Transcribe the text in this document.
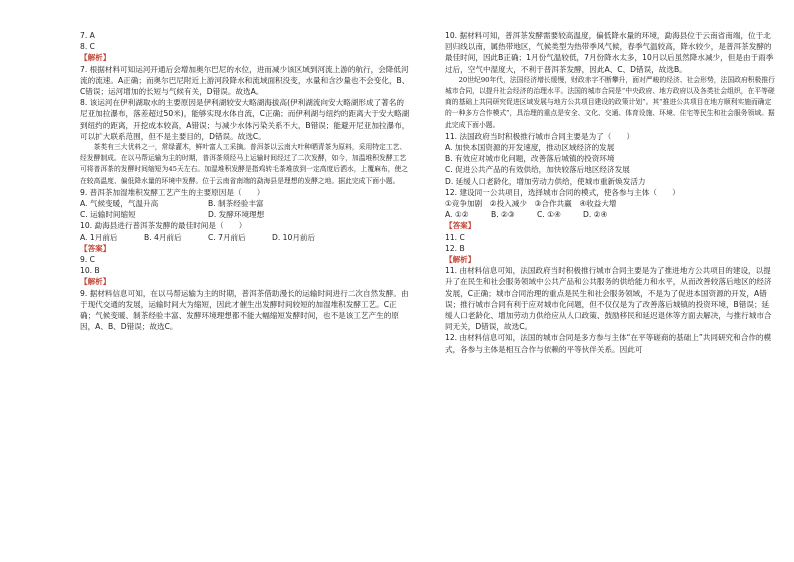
7. A

8. C

【解析】

7. 根据材料可知运河开通后会增加奥尔巴尼的水位，进而减少该区域到河流上游的航行，会降低河流的流速。A正确；而奥尔巴尼附近上游河段降水和流域面积没变，水量和含沙量也不会变化，B、C错误；运河增加的长短与气候有关，D错误。故选A。

8. 该运河在伊利湖取水的主要原因是伊利湖较安大略湖海拔高(伊利湖流向安大略湖形成了著名的尼亚加拉瀑布，落差超过50米)，能够实现水体自流，C正确；而伊利湖与纽约的距离大于安大略湖到纽约的距离，开挖成本较高，A错误；与减少水体污染关系不大，B错误；能避开尼亚加拉瀑布，可以扩大联系范围，但不是主要目的，D错误。故选C。

茶类有三大优料之一，常绿灌木，鲜叶富人工采摘。普洱茶以云南大叶种晒青茶为原料，采用特定工艺、经发酵制成。在以马帮运输为主的时期，普洱茶须经马上运输时间经过了二次发酵，如今，加温堆积发酵工艺可将普洱茶的发酵时间缩短为45天左右。加湿堆积发酵是指鸡转毛茶堆放到一定高度后洒水，上覆麻布，使之在较高温度、偏低降水量的环境中发酵。位于云南省南端的勐海县是理想的发酵之地。据此完成下面小题。

9. 普洱茶加湿堆积发酵工艺产生的主要原因是（　　）

A. 气候变暖，气温升高	B. 制茶经验丰富
C. 运输时间缩短	D. 发酵环境理想

10. 勐海县进行普洱茶发酵的最佳时间是（　　）

A. 1月前后	B. 4月前后	C. 7月前后	D. 10月前后

【答案】

9. C

10. B

【解析】

9. 据材料信息可知，在以马帮运输为主的时期，普洱茶借助漫长的运输时间进行二次自然发酵。由于现代交通的发展，运输时间大为缩短，因此才催生出发酵时间较短的加湿堆积发酵工艺。C正确；气候变暖、制茶经验丰富、发酵环境理想都不能大幅缩短发酵时间，也不是该工艺产生的原因，A、B、D错误；故选C。

10. 据材料可知，普洱茶发酵需要较高温度，偏低降水量的环境，勐海县位于云南省南端，位于北回归线以南，属热带地区，气候类型为热带季风气候，春季气温较高，降水较少，是普洱茶发酵的最佳时间，因此B正确；1月份气温较低，7月份降水太多，10月以后虽然降水减少，但是由于雨季过后，空气中湿度大，不利于普洱茶发酵，因此A、C、D错误，故选B。

20世纪90年代，法国经济增长缓慢，财政赤字不断攀升，面对严峻的经济、社会形势，法国政府积极推行城市合同，以提升社会经济的治理水平。法国的城市合同是“中央政府、地方政府以及各类社会组织，在平等磋商的基础上共同研究促进区域发展与地方公共项目建设的政策计划”。其“推进公共项目在地方顺利实施而确定的一种多方合作模式”，具治理的重点是安全、文化、交通、体育设施、环境、住宅等民生和社会服务领域。据此完成下面小题。

11. 法国政府当时积极推行城市合同主要是为了（　　）

A. 加快本国资源的开发速度，推动区域经济的发展

B. 有效应对城市化问题，改善落后城镇的投资环境

C. 促进公共产品的有效供给，加快较落后地区经济发展

D. 延缓人口老龄化，增加劳动力供给，使城市重新焕发活力

12. 建设同一公共项目，选择城市合同的模式，使各参与主体（　　）

①竞争加剧　②投入减少　③合作共赢　④收益大增

A. ①②	B. ②③	C. ①④	D. ②④

【答案】

11. C

12. B

【解析】

11. 由材料信息可知，法国政府当时积极推行城市合同主要是为了推进地方公共项目的建设，以提升了在民生和社会服务领域中公共产品和公共服务的供给能力和水平，从而改善较落后地区的经济发展，C正确；城市合同治理的重点是民生和社会服务领域，不是为了促进本国资源的开发，A错误；推行城市合同有利于应对城市化问题，但不仅仅是为了改善落后城镇的投资环境，B错误；延缓人口老龄化、增加劳动力供给应从人口政策、鼓励移民和延迟退休等方面去解决，与推行城市合同无关，D错误，故选C。

12. 由材料信息可知，法国的城市合同是多方参与主体“在平等磋商的基础上”共同研究和合作的模式，各参与主体是相互合作与依赖的平等伙伴关系。因此可
